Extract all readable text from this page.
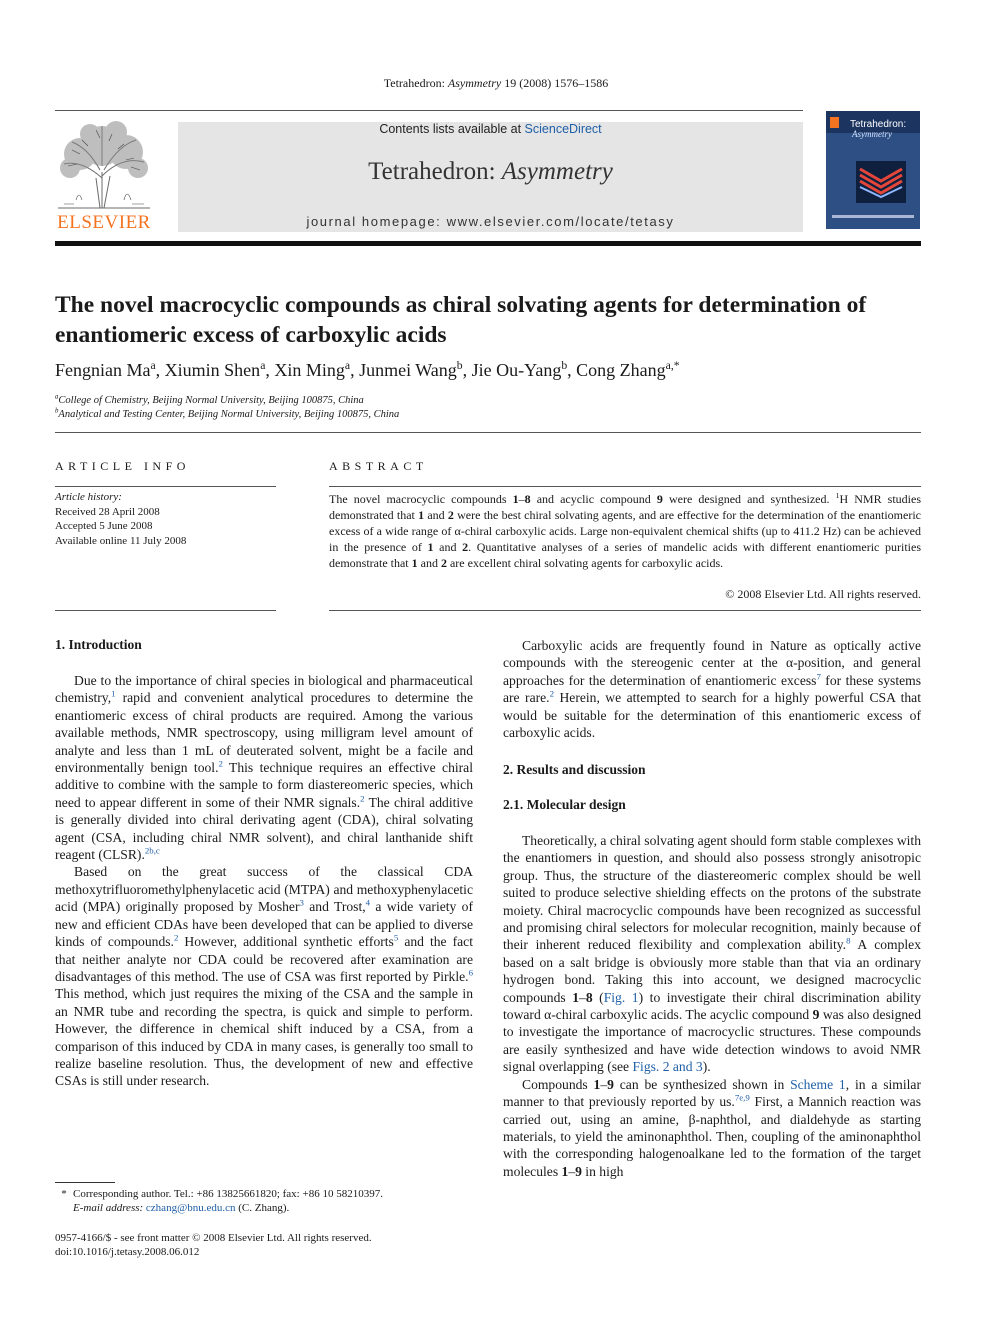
Tetrahedron: Asymmetry 19 (2008) 1576–1586
ELSEVIER
Contents lists available at ScienceDirect
Tetrahedron: Asymmetry
journal homepage: www.elsevier.com/locate/tetasy
Tetrahedron:
Asymmetry
The novel macrocyclic compounds as chiral solvating agents for determination of enantiomeric excess of carboxylic acids
Fengnian Ma$^a$, Xiumin Shen$^a$, Xin Ming$^a$, Junmei Wang$^b$, Jie Ou-Yang$^b$, Cong Zhang$^{a,*}$
$^a$College of Chemistry, Beijing Normal University, Beijing 100875, China
$^b$Analytical and Testing Center, Beijing Normal University, Beijing 100875, China
ARTICLE INFO
Article history:
Received 28 April 2008
Accepted 5 June 2008
Available online 11 July 2008
ABSTRACT
The novel macrocyclic compounds 1–8 and acyclic compound 9 were designed and synthesized. $^1$H NMR studies demonstrated that 1 and 2 were the best chiral solvating agents, and are effective for the determination of the enantiomeric excess of a wide range of α-chiral carboxylic acids. Large non-equivalent chemical shifts (up to 411.2 Hz) can be achieved in the presence of 1 and 2. Quantitative analyses of a series of mandelic acids with different enantiomeric purities demonstrate that 1 and 2 are excellent chiral solvating agents for carboxylic acids.
© 2008 Elsevier Ltd. All rights reserved.
1. Introduction

Due to the importance of chiral species in biological and pharmaceutical chemistry,$^1$ rapid and convenient analytical procedures to determine the enantiomeric excess of chiral products are required. Among the various available methods, NMR spectroscopy, using milligram level amount of analyte and less than 1 mL of deuterated solvent, might be a facile and environmentally benign tool.$^2$ This technique requires an effective chiral additive to combine with the sample to form diastereomeric species, which need to appear different in some of their NMR signals.$^2$ The chiral additive is generally divided into chiral derivating agent (CDA), chiral solvating agent (CSA, including chiral NMR solvent), and chiral lanthanide shift reagent (CLSR).$^{2b,c}$

Based on the great success of the classical CDA methoxytrifluoromethylphenylacetic acid (MTPA) and methoxyphenylacetic acid (MPA) originally proposed by Mosher$^3$ and Trost,$^4$ a wide variety of new and efficient CDAs have been developed that can be applied to diverse kinds of compounds.$^2$ However, additional synthetic efforts$^5$ and the fact that neither analyte nor CDA could be recovered after examination are disadvantages of this method. The use of CSA was first reported by Pirkle.$^6$ This method, which just requires the mixing of the CSA and the sample in an NMR tube and recording the spectra, is quick and simple to perform. However, the difference in chemical shift induced by a CSA, from a comparison of this induced by CDA in many cases, is generally too small to realize baseline resolution. Thus, the development of new and effective CSAs is still under research.

* Corresponding author. Tel.: +86 13825661820; fax: +86 10 58210397.
E-mail address: czhang@bnu.edu.cn (C. Zhang).
0957-4166/$ - see front matter © 2008 Elsevier Ltd. All rights reserved.
doi:10.1016/j.tetasy.2008.06.012

Carboxylic acids are frequently found in Nature as optically active compounds with the stereogenic center at the α-position, and general approaches for the determination of enantiomeric excess$^7$ for these systems are rare.$^2$ Herein, we attempted to search for a highly powerful CSA that would be suitable for the determination of this enantiomeric excess of carboxylic acids.

2. Results and discussion
2.1. Molecular design

Theoretically, a chiral solvating agent should form stable complexes with the enantiomers in question, and should also possess strongly anisotropic group. Thus, the structure of the diastereomeric complex should be well suited to produce selective shielding effects on the protons of the substrate moiety. Chiral macrocyclic compounds have been recognized as successful and promising chiral selectors for molecular recognition, mainly because of their inherent reduced flexibility and complexation ability.$^8$ A complex based on a salt bridge is obviously more stable than that via an ordinary hydrogen bond. Taking this into account, we designed macrocyclic compounds 1–8 (Fig. 1) to investigate their chiral discrimination ability toward α-chiral carboxylic acids. The acyclic compound 9 was also designed to investigate the importance of macrocyclic structures. These compounds are easily synthesized and have wide detection windows to avoid NMR signal overlapping (see Figs. 2 and 3).

Compounds 1–9 can be synthesized shown in Scheme 1, in a similar manner to that previously reported by us.$^{7e,9}$ First, a Mannich reaction was carried out, using an amine, β-naphthol, and dialdehyde as starting materials, to yield the aminonaphthol. Then, coupling of the aminonaphthol with the corresponding halogenoalkane led to the formation of the target molecules 1–9 in high
